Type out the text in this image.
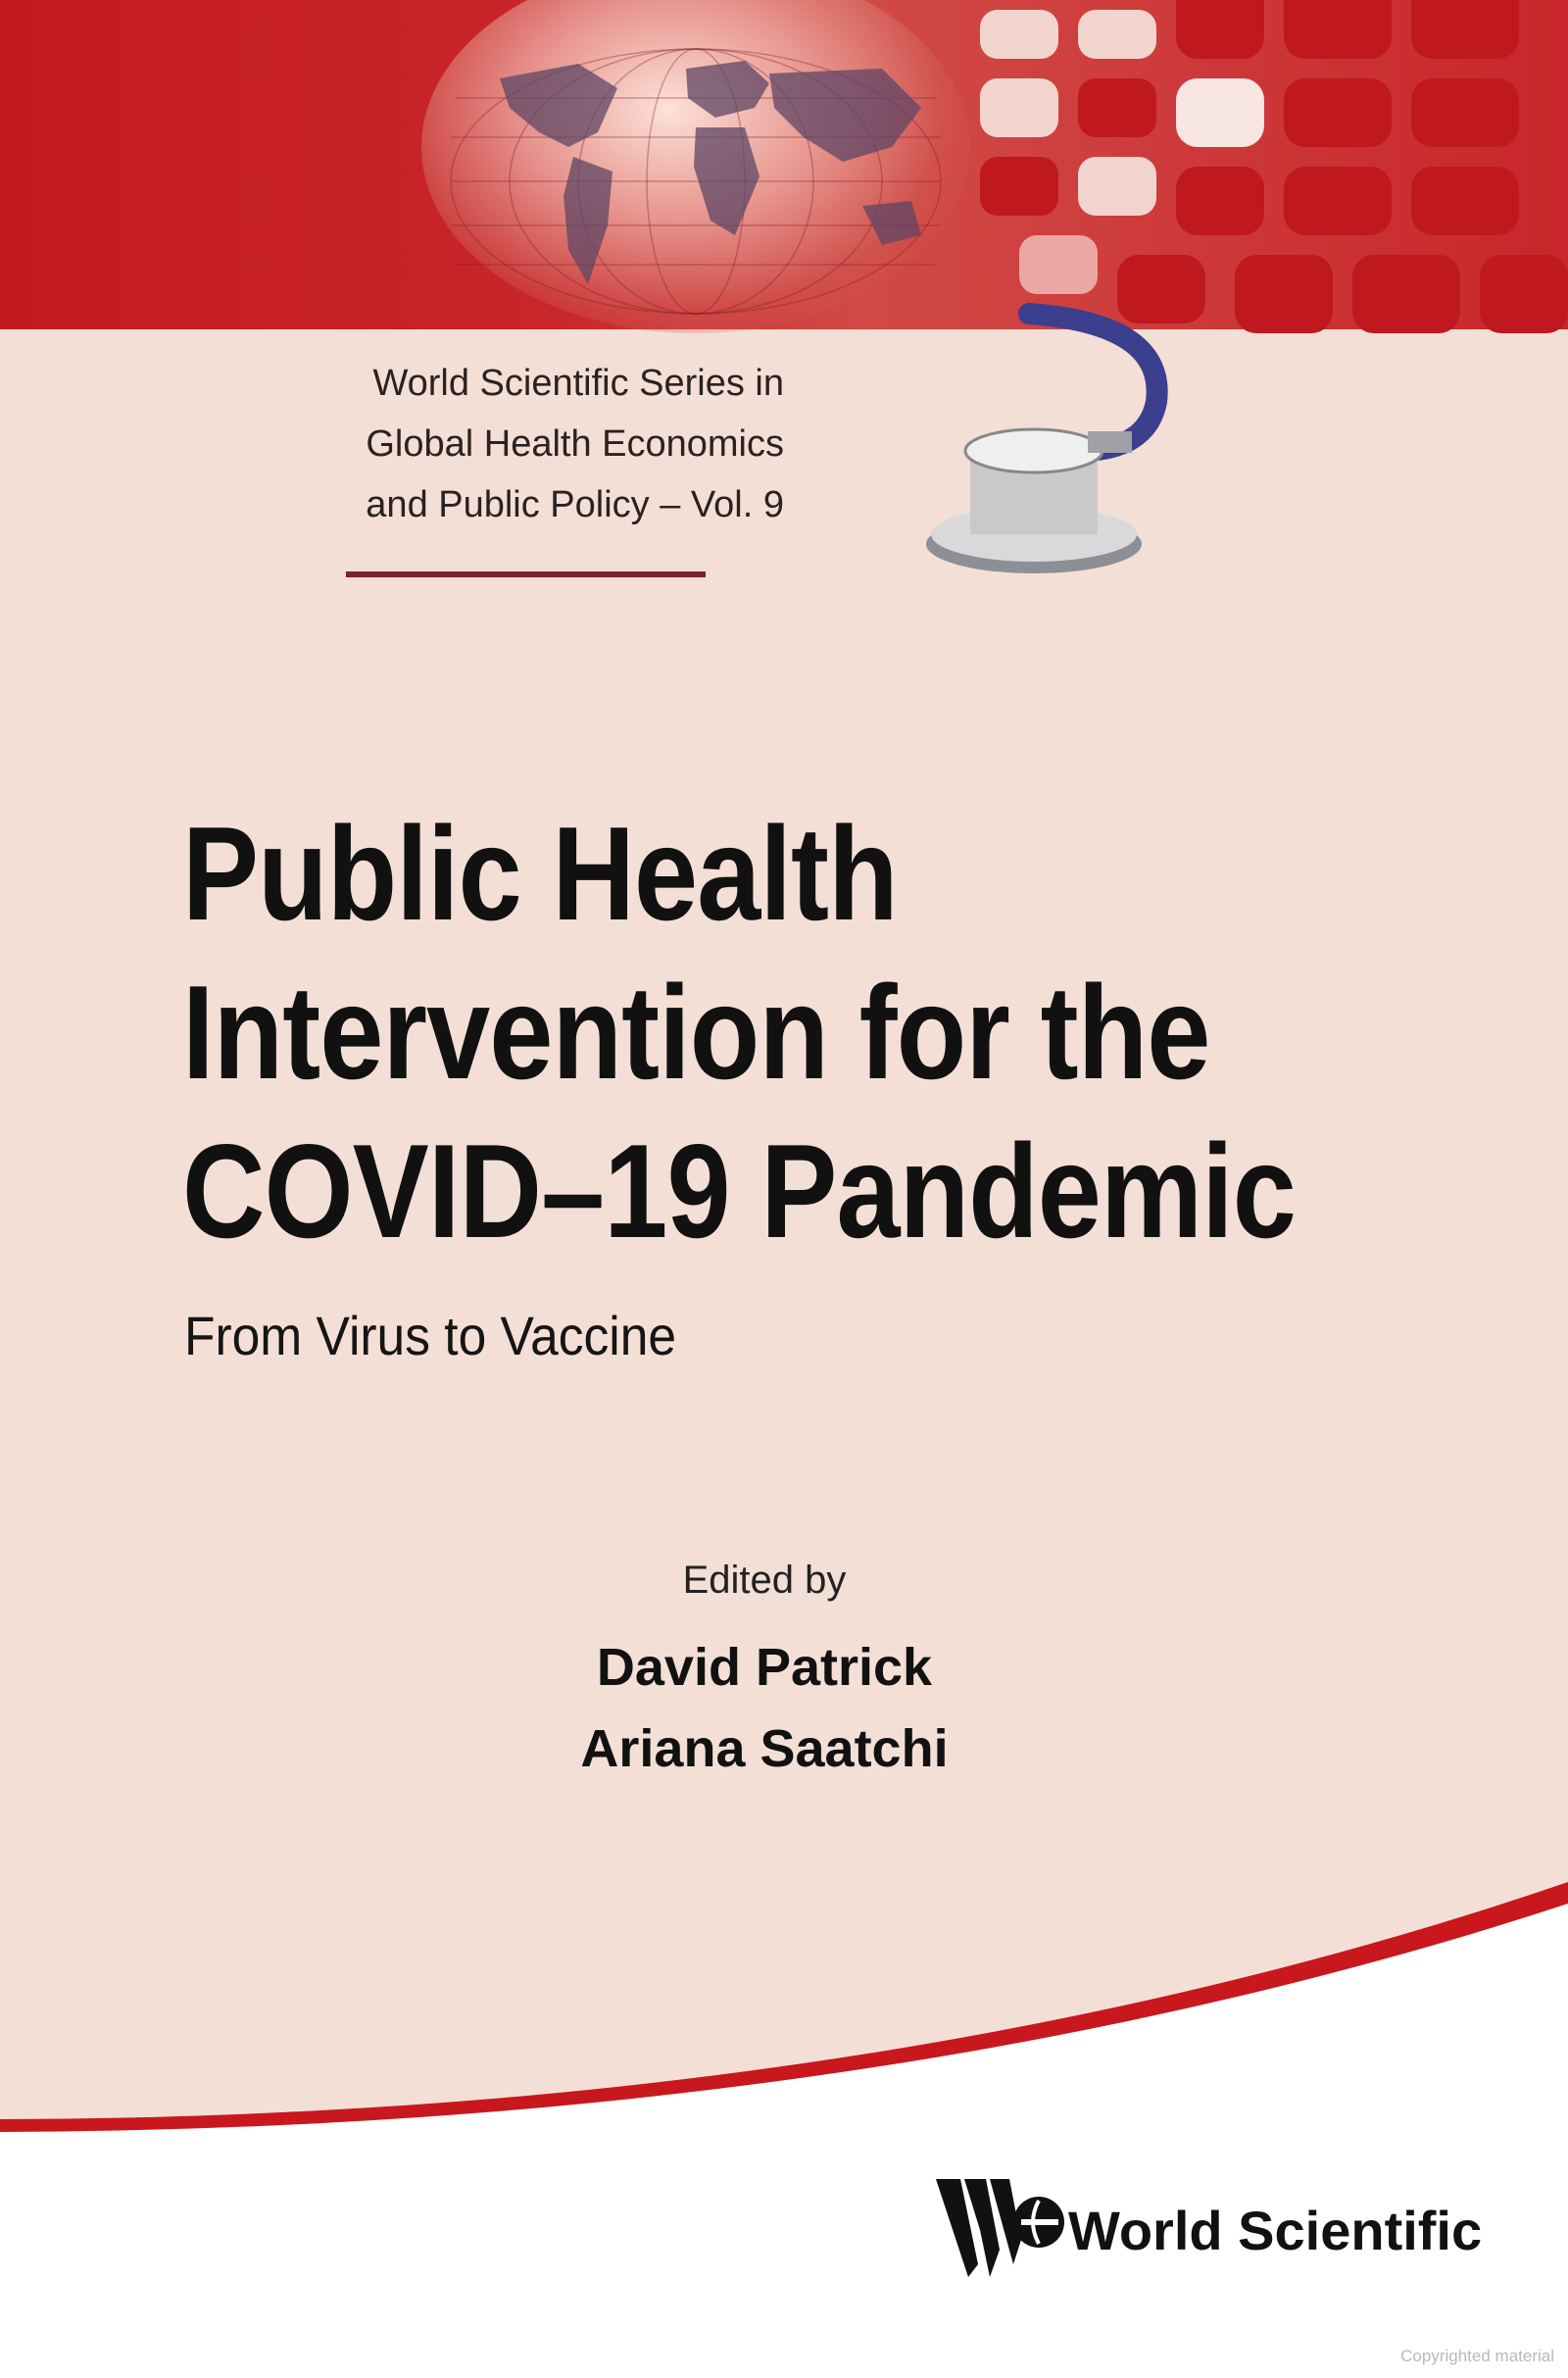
World Scientific Series in
Global Health Economics
and Public Policy – Vol. 9
Public Health
Intervention for the
COVID–19 Pandemic
From Virus to Vaccine
Edited by
David Patrick
Ariana Saatchi
World Scientific
Copyrighted material
